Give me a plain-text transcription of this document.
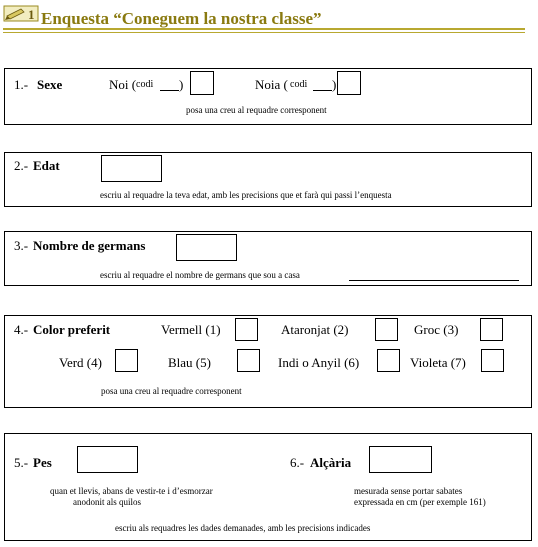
1 Enquesta “Coneguem la nostra classe”
1.- Sexe	Noi ( codi )	Noia ( codi )
posa una creu al requadre corresponent
2.- Edat
escriu al requadre la teva edat, amb les precisions que et farà qui passi l’enquesta
3.- Nombre de germans
escriu al requadre el nombre de germans que sou a casa
4.- Color preferit	Vermell (1)	Ataronjat (2)	Groc (3)
Verd (4)	Blau (5)	Indi o Anyil (6)	Violeta (7)
posa una creu al requadre corresponent
5.- Pes	6.- Alçària
quan et llevis, abans de vestir-te i d’esmorzar
anodonit als quilos
mesurada sense portar sabates
expressada en cm (per exemple 161)
escriu als requadres les dades demanades, amb les precisions indicades
